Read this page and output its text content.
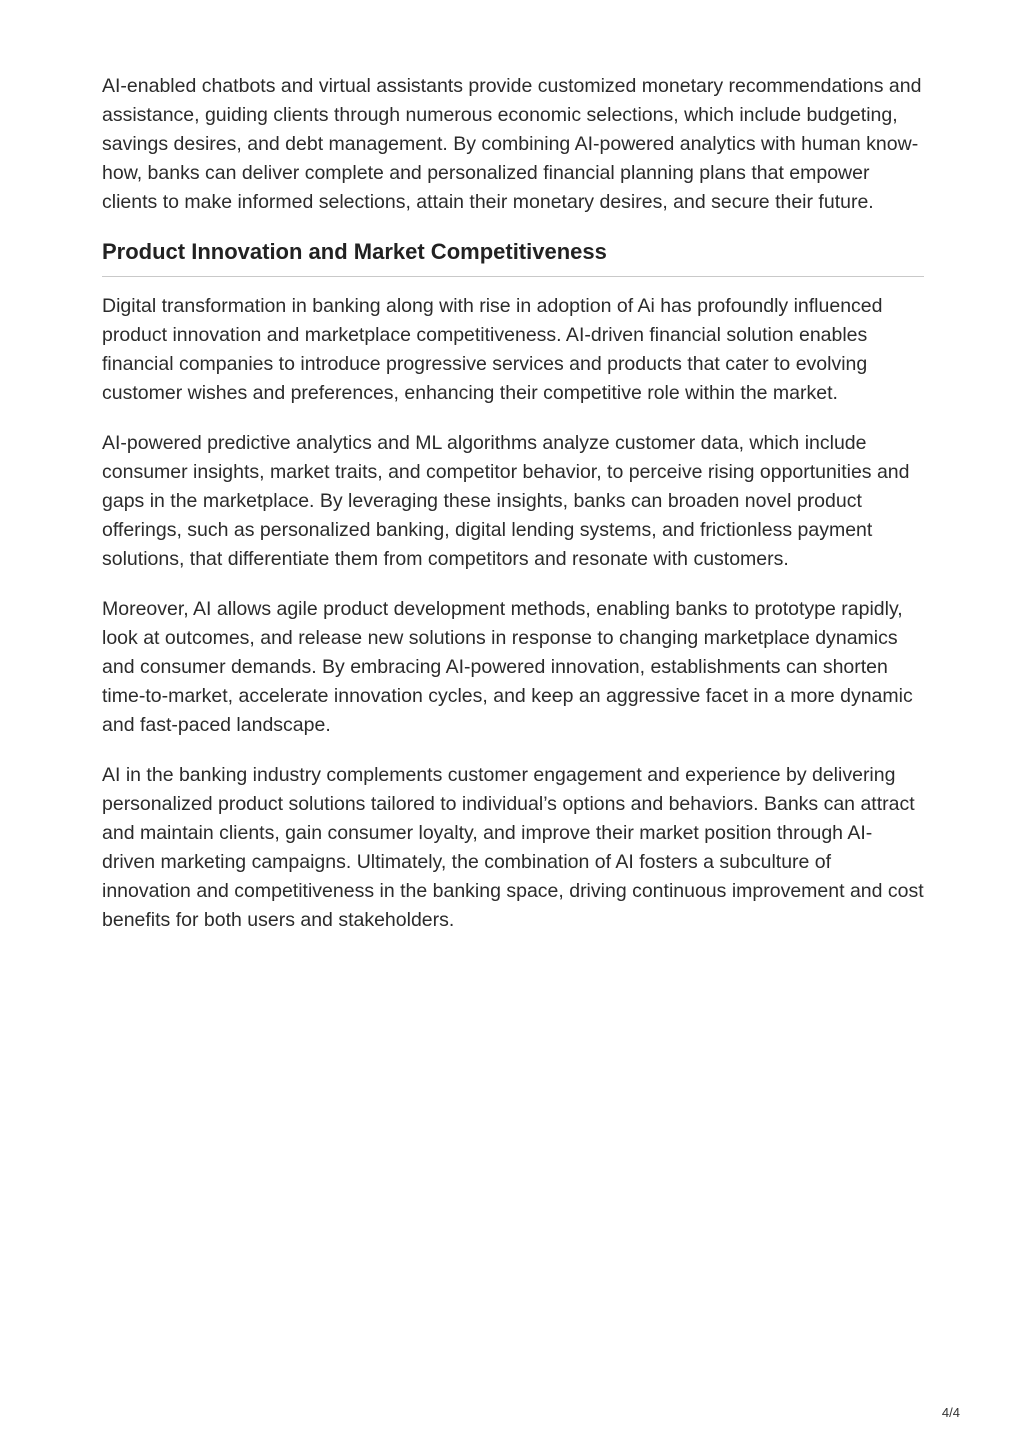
AI-enabled chatbots and virtual assistants provide customized monetary recommendations and assistance, guiding clients through numerous economic selections, which include budgeting, savings desires, and debt management. By combining AI-powered analytics with human know-how, banks can deliver complete and personalized financial planning plans that empower clients to make informed selections, attain their monetary desires, and secure their future.

Product Innovation and Market Competitiveness

Digital transformation in banking along with rise in adoption of Ai has profoundly influenced product innovation and marketplace competitiveness. AI-driven financial solution enables financial companies to introduce progressive services and products that cater to evolving customer wishes and preferences, enhancing their competitive role within the market.

AI-powered predictive analytics and ML algorithms analyze customer data, which include consumer insights, market traits, and competitor behavior, to perceive rising opportunities and gaps in the marketplace. By leveraging these insights, banks can broaden novel product offerings, such as personalized banking, digital lending systems, and frictionless payment solutions, that differentiate them from competitors and resonate with customers.

Moreover, AI allows agile product development methods, enabling banks to prototype rapidly, look at outcomes, and release new solutions in response to changing marketplace dynamics and consumer demands. By embracing AI-powered innovation, establishments can shorten time-to-market, accelerate innovation cycles, and keep an aggressive facet in a more dynamic and fast-paced landscape.

AI in the banking industry complements customer engagement and experience by delivering personalized product solutions tailored to individual’s options and behaviors. Banks can attract and maintain clients, gain consumer loyalty, and improve their market position through AI-driven marketing campaigns. Ultimately, the combination of AI fosters a subculture of innovation and competitiveness in the banking space, driving continuous improvement and cost benefits for both users and stakeholders.

4/4
